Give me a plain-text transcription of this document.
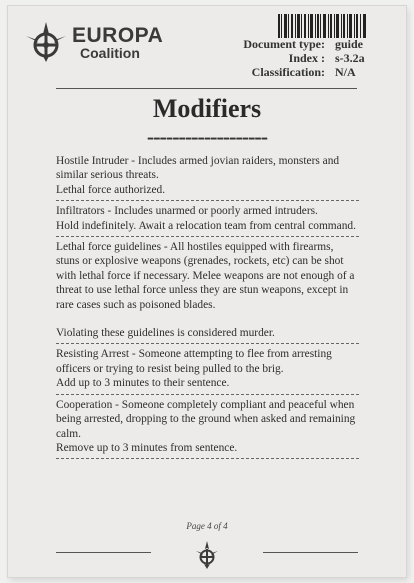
EUROPA
Coalition
Document type: guide
Index : s-3.2a
Classification: N/A
Modifiers
-------------------

Hostile Intruder - Includes armed jovian raiders, monsters and similar serious threats.

Lethal force authorized.

Infiltrators - Includes unarmed or poorly armed intruders.

Hold indefinitely. Await a relocation team from central command.

Lethal force guidelines - All hostiles equipped with firearms, stuns or explosive weapons (grenades, rockets, etc) can be shot with lethal force if necessary. Melee weapons are not enough of a threat to use lethal force unless they are stun weapons, except in rare cases such as poisoned blades.

Violating these guidelines is considered murder.

Resisting Arrest - Someone attempting to flee from arresting officers or trying to resist being pulled to the brig.

Add up to 3 minutes to their sentence.

Cooperation - Someone completely compliant and peaceful when being arrested, dropping to the ground when asked and remaining calm.

Remove up to 3 minutes from sentence.

Page 4 of 4
